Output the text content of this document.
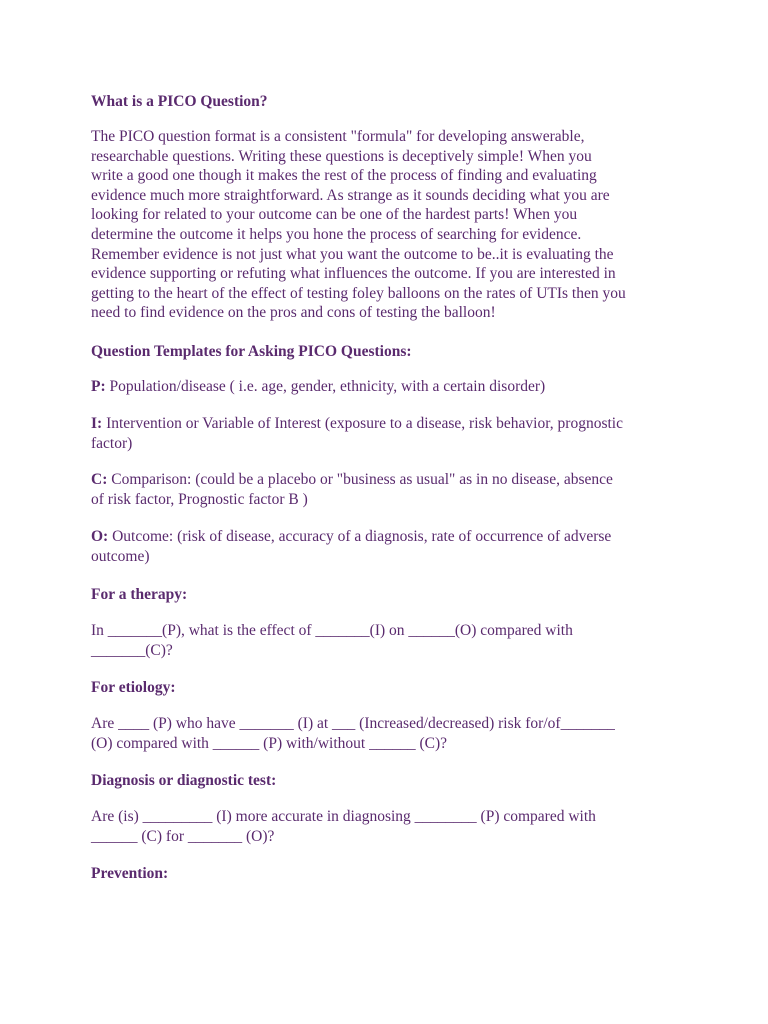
What is a PICO Question?

The PICO question format is a consistent "formula" for developing answerable,
researchable questions. Writing these questions is deceptively simple! When you
write a good one though it makes the rest of the process of finding and evaluating
evidence much more straightforward. As strange as it sounds deciding what you are
looking for related to your outcome can be one of the hardest parts! When you
determine the outcome it helps you hone the process of searching for evidence.
Remember evidence is not just what you want the outcome to be..it is evaluating the
evidence supporting or refuting what influences the outcome. If you are interested in
getting to the heart of the effect of testing foley balloons on the rates of UTIs then you
need to find evidence on the pros and cons of testing the balloon!

Question Templates for Asking PICO Questions:

P: Population/disease ( i.e. age, gender, ethnicity, with a certain disorder)

I: Intervention or Variable of Interest (exposure to a disease, risk behavior, prognostic
factor)

C: Comparison: (could be a placebo or "business as usual" as in no disease, absence
of risk factor, Prognostic factor B )

O: Outcome: (risk of disease, accuracy of a diagnosis, rate of occurrence of adverse
outcome)

For a therapy:

In _______(P), what is the effect of _______(I) on ______(O) compared with
_______(C)?

For etiology:

Are ____ (P) who have _______ (I) at ___ (Increased/decreased) risk for/of_______
(O) compared with ______ (P) with/without ______ (C)?

Diagnosis or diagnostic test:

Are (is) _________ (I) more accurate in diagnosing ________ (P) compared with
______ (C) for _______ (O)?

Prevention:
